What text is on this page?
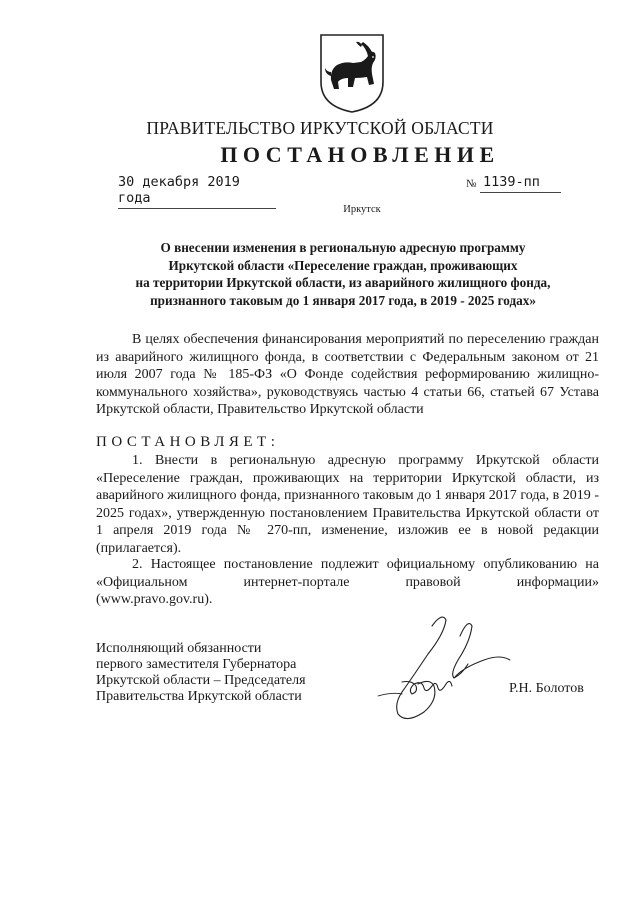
ПРАВИТЕЛЬСТВО ИРКУТСКОЙ ОБЛАСТИ
ПОСТАНОВЛЕНИЕ
30 декабря 2019 года
№ 1139-пп
Иркутск
О внесении изменения в региональную адресную программу
Иркутской области «Переселение граждан, проживающих
на территории Иркутской области, из аварийного жилищного фонда,
признанного таковым до 1 января 2017 года, в 2019 - 2025 годах»
В целях обеспечения финансирования мероприятий по переселению граждан из аварийного жилищного фонда, в соответствии с Федеральным законом от 21 июля 2007 года № 185-ФЗ «О Фонде содействия реформированию жилищно-коммунального хозяйства», руководствуясь частью 4 статьи 66, статьей 67 Устава Иркутской области, Правительство Иркутской области
ПОСТАНОВЛЯЕТ:
1. Внести в региональную адресную программу Иркутской области «Переселение граждан, проживающих на территории Иркутской области, из аварийного жилищного фонда, признанного таковым до 1 января 2017 года, в 2019 - 2025 годах», утвержденную постановлением Правительства Иркутской области от 1 апреля 2019 года № 270-пп, изменение, изложив ее в новой редакции (прилагается).
2. Настоящее постановление подлежит официальному опубликованию на «Официальном интернет-портале правовой информации»
(www.pravo.gov.ru).
Исполняющий обязанности
первого заместителя Губернатора
Иркутской области – Председателя
Правительства Иркутской области
Р.Н. Болотов
